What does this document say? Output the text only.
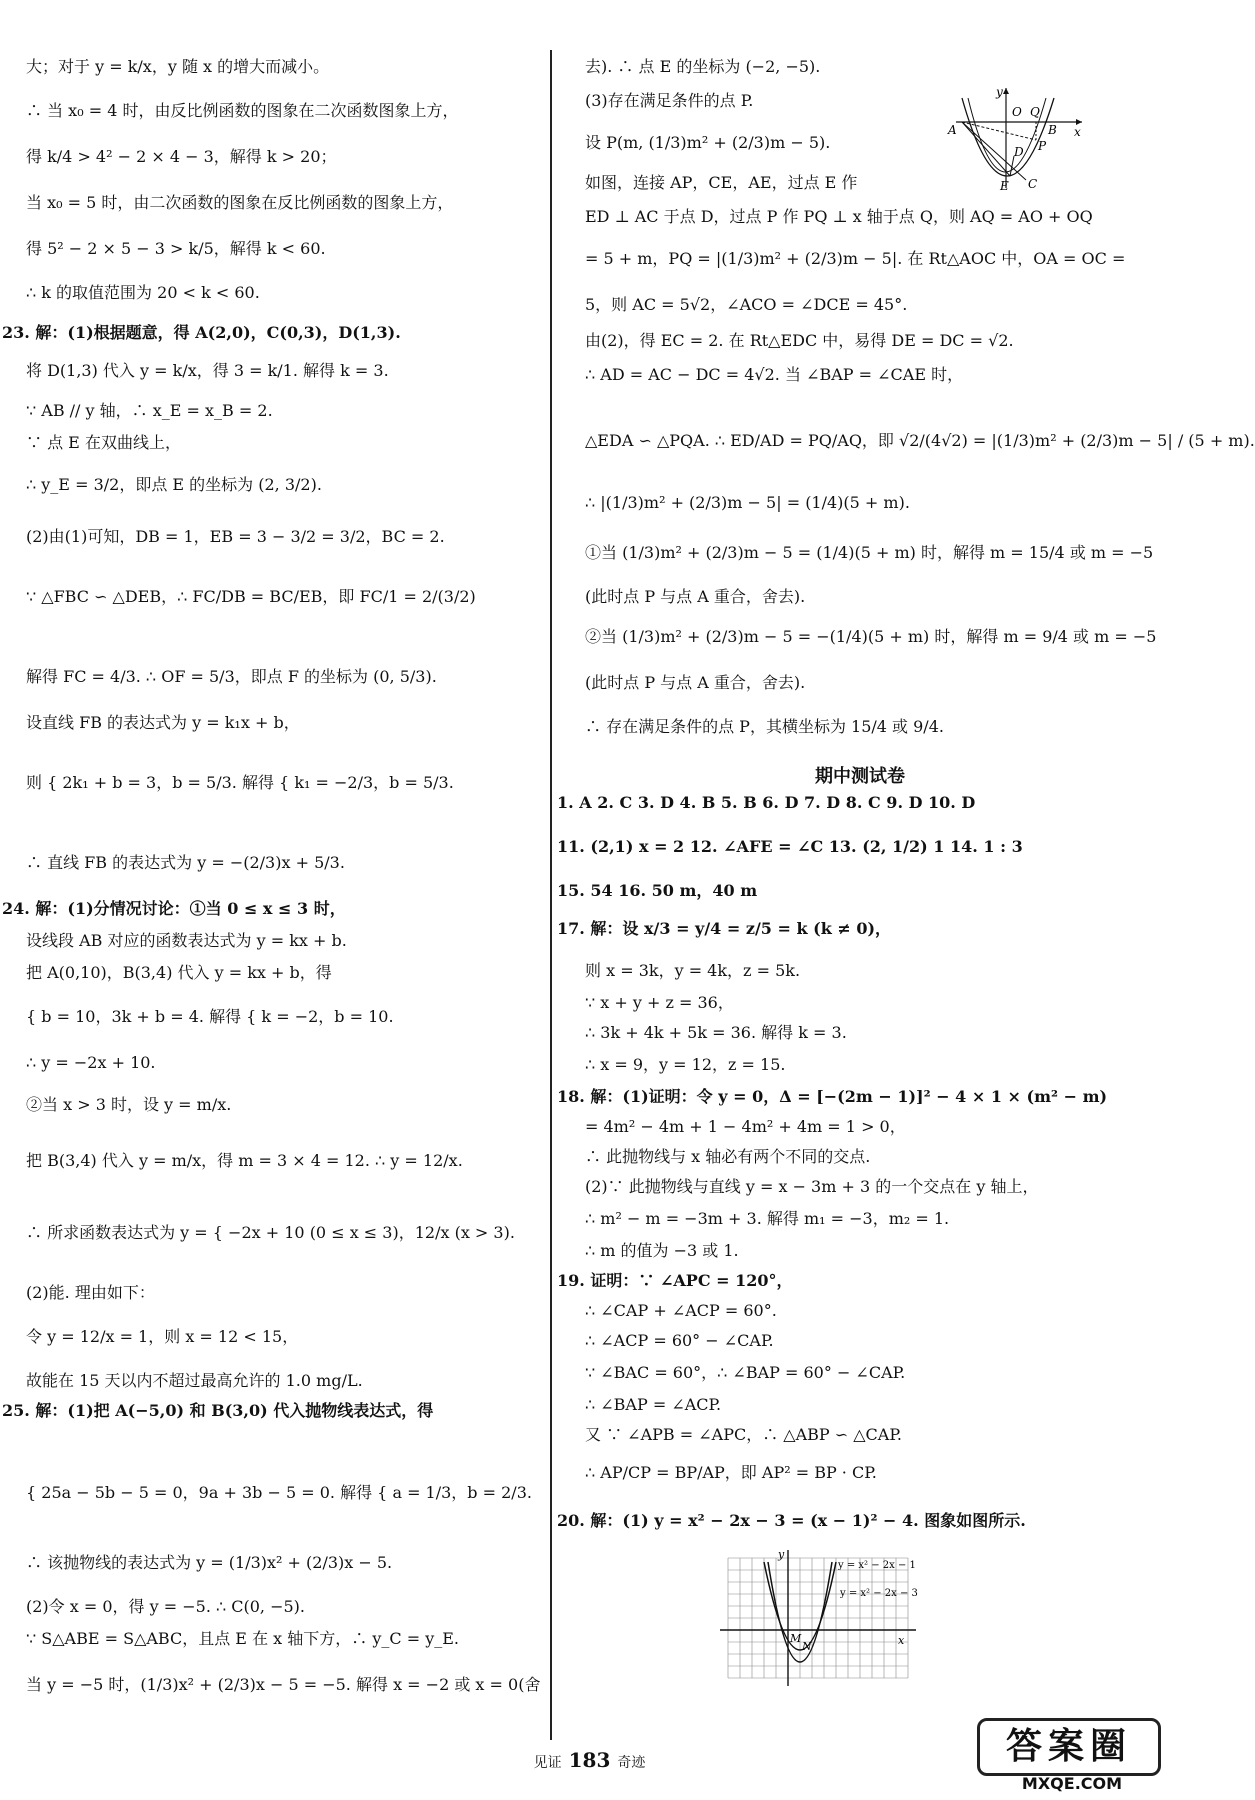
大；对于 y = k/x，y 随 x 的增大而减小。
∴ 当 x₀ = 4 时，由反比例函数的图象在二次函数图象上方，
得 k/4 > 4² − 2 × 4 − 3，解得 k > 20；
当 x₀ = 5 时，由二次函数的图象在反比例函数的图象上方，
得 5² − 2 × 5 − 3 > k/5，解得 k < 60.
∴ k 的取值范围为 20 < k < 60.
23. 解：(1)根据题意，得 A(2,0)，C(0,3)，D(1,3).
将 D(1,3) 代入 y = k/x，得 3 = k/1. 解得 k = 3.
∵ AB // y 轴，∴ x_E = x_B = 2.
∵ 点 E 在双曲线上，
∴ y_E = 3/2，即点 E 的坐标为 (2, 3/2).
(2)由(1)可知，DB = 1，EB = 3 − 3/2 = 3/2，BC = 2.
∵ △FBC ∽ △DEB，∴ FC/DB = BC/EB，即 FC/1 = 2/(3/2)
解得 FC = 4/3. ∴ OF = 5/3，即点 F 的坐标为 (0, 5/3).
设直线 FB 的表达式为 y = k₁x + b，
则 { 2k₁ + b = 3，b = 5/3. 解得 { k₁ = −2/3，b = 5/3.
∴ 直线 FB 的表达式为 y = −(2/3)x + 5/3.
24. 解：(1)分情况讨论：①当 0 ≤ x ≤ 3 时，
设线段 AB 对应的函数表达式为 y = kx + b.
把 A(0,10)，B(3,4) 代入 y = kx + b，得
{ b = 10，3k + b = 4. 解得 { k = −2，b = 10.
∴ y = −2x + 10.
②当 x > 3 时，设 y = m/x.
把 B(3,4) 代入 y = m/x，得 m = 3 × 4 = 12. ∴ y = 12/x.
∴ 所求函数表达式为 y = { −2x + 10 (0 ≤ x ≤ 3)，12/x (x > 3).
(2)能. 理由如下：
令 y = 12/x = 1，则 x = 12 < 15，
故能在 15 天以内不超过最高允许的 1.0 mg/L.
25. 解：(1)把 A(−5,0) 和 B(3,0) 代入抛物线表达式，得
{ 25a − 5b − 5 = 0，9a + 3b − 5 = 0. 解得 { a = 1/3，b = 2/3.
∴ 该抛物线的表达式为 y = (1/3)x² + (2/3)x − 5.
(2)令 x = 0，得 y = −5. ∴ C(0, −5).
∵ S△ABE = S△ABC，且点 E 在 x 轴下方，∴ y_C = y_E.
当 y = −5 时，(1/3)x² + (2/3)x − 5 = −5. 解得 x = −2 或 x = 0(舍
去). ∴ 点 E 的坐标为 (−2, −5).
(3)存在满足条件的点 P.
设 P(m, (1/3)m² + (2/3)m − 5).
如图，连接 AP，CE，AE，过点 E 作
ED ⊥ AC 于点 D，过点 P 作 PQ ⊥ x 轴于点 Q，则 AQ = AO + OQ
= 5 + m，PQ = |(1/3)m² + (2/3)m − 5|. 在 Rt△AOC 中，OA = OC =
5，则 AC = 5√2，∠ACO = ∠DCE = 45°.
由(2)，得 EC = 2. 在 Rt△EDC 中，易得 DE = DC = √2.
∴ AD = AC − DC = 4√2. 当 ∠BAP = ∠CAE 时，
△EDA ∽ △PQA. ∴ ED/AD = PQ/AQ，即 √2/(4√2) = |(1/3)m² + (2/3)m − 5| / (5 + m).
∴ |(1/3)m² + (2/3)m − 5| = (1/4)(5 + m).
①当 (1/3)m² + (2/3)m − 5 = (1/4)(5 + m) 时，解得 m = 15/4 或 m = −5
(此时点 P 与点 A 重合，舍去).
②当 (1/3)m² + (2/3)m − 5 = −(1/4)(5 + m) 时，解得 m = 9/4 或 m = −5
(此时点 P 与点 A 重合，舍去).
∴ 存在满足条件的点 P，其横坐标为 15/4 或 9/4.
期中测试卷
1. A 2. C 3. D 4. B 5. B 6. D 7. D 8. C 9. D 10. D
11. (2,1) x = 2 12. ∠AFE = ∠C 13. (2, 1/2) 1 14. 1 : 3
15. 54 16. 50 m，40 m
17. 解：设 x/3 = y/4 = z/5 = k (k ≠ 0)，
则 x = 3k，y = 4k，z = 5k.
∵ x + y + z = 36，
∴ 3k + 4k + 5k = 36. 解得 k = 3.
∴ x = 9，y = 12，z = 15.
18. 解：(1)证明：令 y = 0，Δ = [−(2m − 1)]² − 4 × 1 × (m² − m)
= 4m² − 4m + 1 − 4m² + 4m = 1 > 0，
∴ 此抛物线与 x 轴必有两个不同的交点.
(2)∵ 此抛物线与直线 y = x − 3m + 3 的一个交点在 y 轴上，
∴ m² − m = −3m + 3. 解得 m₁ = −3，m₂ = 1.
∴ m 的值为 −3 或 1.
19. 证明：∵ ∠APC = 120°，
∴ ∠CAP + ∠ACP = 60°.
∴ ∠ACP = 60° − ∠CAP.
∵ ∠BAC = 60°，∴ ∠BAP = 60° − ∠CAP.
∴ ∠BAP = ∠ACP.
又 ∵ ∠APB = ∠APC，∴ △ABP ∽ △CAP.
∴ AP/CP = BP/AP，即 AP² = BP · CP.
20. 解：(1) y = x² − 2x − 3 = (x − 1)² − 4. 图象如图所示.
y
O Q
x
A	B
D P
E C
y
x
y = x² − 2x − 1
y = x² − 2x − 3
M
N
见证 183 奇迹	答案圈
MXQE.COM
